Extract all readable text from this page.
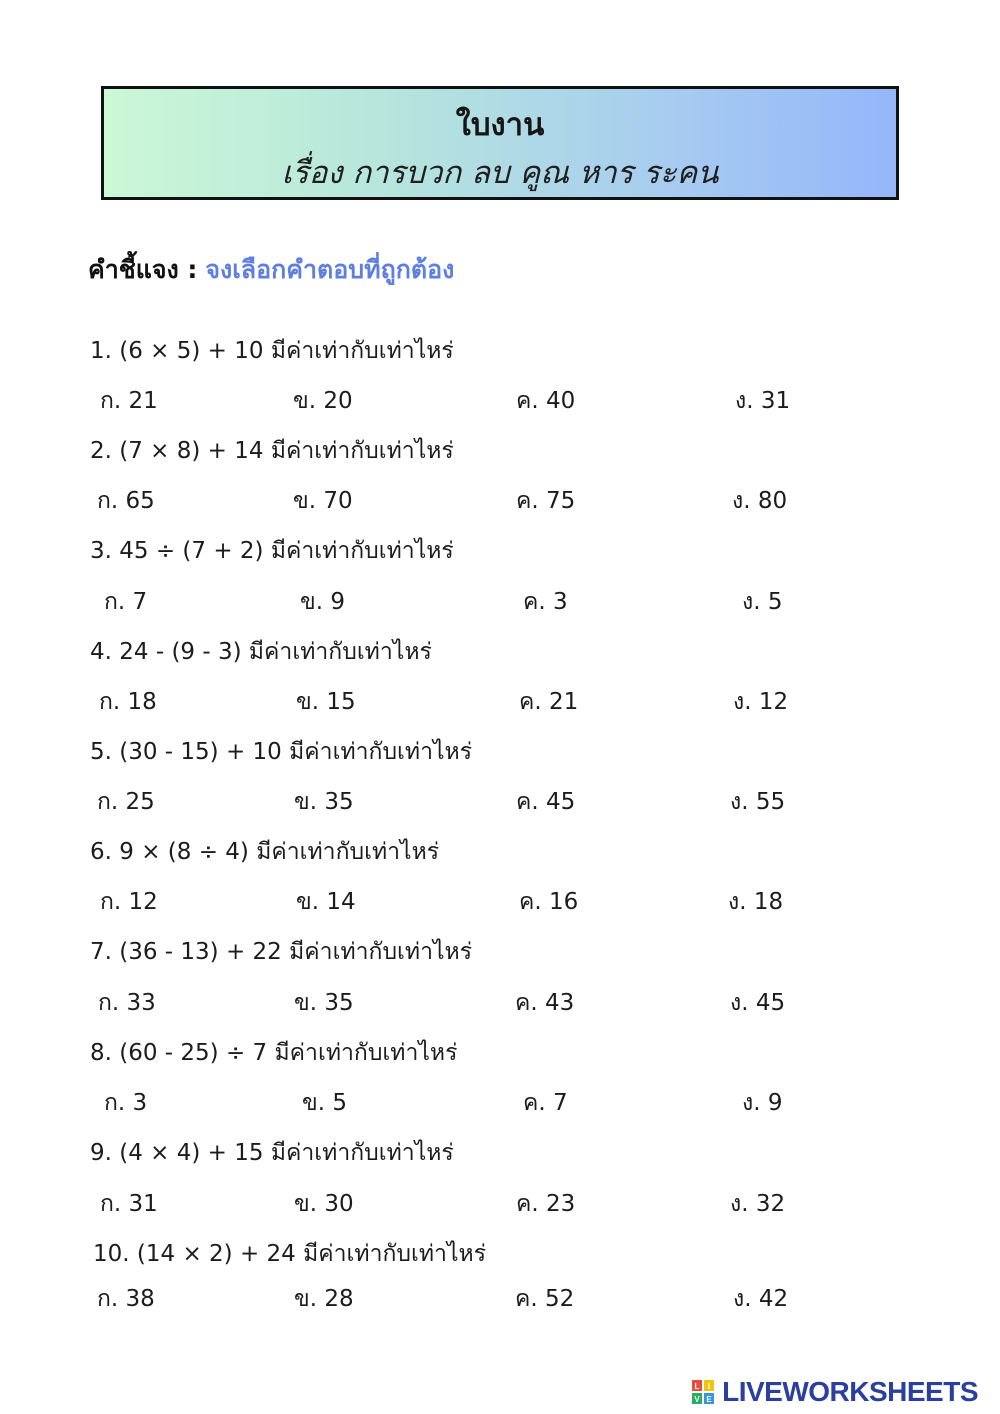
ใบงาน
เรื่อง การบวก ลบ คูณ หาร ระคน
คำชี้แจง : จงเลือกคำตอบที่ถูกต้อง
1. (6 × 5) + 10 มีค่าเท่ากับเท่าไหร่
ก. 21	ข. 20	ค. 40	ง. 31
2. (7 × 8) + 14 มีค่าเท่ากับเท่าไหร่
ก. 65	ข. 70	ค. 75	ง. 80
3. 45 ÷ (7 + 2) มีค่าเท่ากับเท่าไหร่
ก. 7	ข. 9	ค. 3	ง. 5
4. 24 - (9 - 3) มีค่าเท่ากับเท่าไหร่
ก. 18	ข. 15	ค. 21	ง. 12
5. (30 - 15) + 10 มีค่าเท่ากับเท่าไหร่
ก. 25	ข. 35	ค. 45	ง. 55
6. 9 × (8 ÷ 4) มีค่าเท่ากับเท่าไหร่
ก. 12	ข. 14	ค. 16	ง. 18
7. (36 - 13) + 22 มีค่าเท่ากับเท่าไหร่
ก. 33	ข. 35	ค. 43	ง. 45
8. (60 - 25) ÷ 7 มีค่าเท่ากับเท่าไหร่
ก. 3	ข. 5	ค. 7	ง. 9
9. (4 × 4) + 15 มีค่าเท่ากับเท่าไหร่
ก. 31	ข. 30	ค. 23	ง. 32
10. (14 × 2) + 24 มีค่าเท่ากับเท่าไหร่
ก. 38	ข. 28	ค. 52	ง. 42
L I
V E LIVEWORKSHEETS
